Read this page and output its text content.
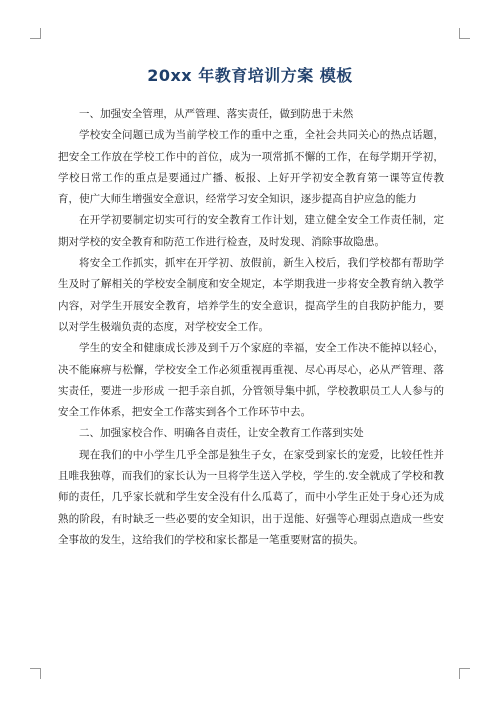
20xx 年教育培训方案 模板

一、加强安全管理，从严管理、落实责任，做到防患于未然

学校安全问题已成为当前学校工作的重中之重，全社会共同关心的热点话题，把安全工作放在学校工作中的首位，成为一项常抓不懈的工作，在每学期开学初，学校日常工作的重点是要通过广播、板报、上好开学初安全教育第一课等宣传教育，使广大师生增强安全意识，经常学习安全知识，逐步提高自护应急的能力

在开学初要制定切实可行的安全教育工作计划，建立健全安全工作责任制，定期对学校的安全教育和防范工作进行检查，及时发现、消除事故隐患。

将安全工作抓实，抓牢在开学初、放假前，新生入校后，我们学校都有帮助学生及时了解相关的学校安全制度和安全规定，本学期我进一步将安全教育纳入教学内容，对学生开展安全教育，培养学生的安全意识，提高学生的自我防护能力，要以对学生极端负责的态度，对学校安全工作。

学生的安全和健康成长涉及到千万个家庭的幸福，安全工作决不能掉以轻心，决不能麻痹与松懈，学校安全工作必须重视再重视、尽心再尽心，必从严管理、落实责任，要进一步形成 一把手亲自抓，分管领导集中抓，学校教职员工人人参与的安全工作体系，把安全工作落实到各个工作环节中去。

二、加强家校合作、明确各自责任，让安全教育工作落到实处

现在我们的中小学生几乎全部是独生子女，在家受到家长的宠爱，比较任性并且唯我独尊，而我们的家长认为一旦将学生送入学校，学生的.安全就成了学校和教师的责任，几乎家长就和学生安全没有什么瓜葛了，而中小学生正处于身心还为成熟的阶段，有时缺乏一些必要的安全知识，出于逞能、好强等心理弱点造成一些安全事故的发生，这给我们的学校和家长都是一笔重要财富的损失。
